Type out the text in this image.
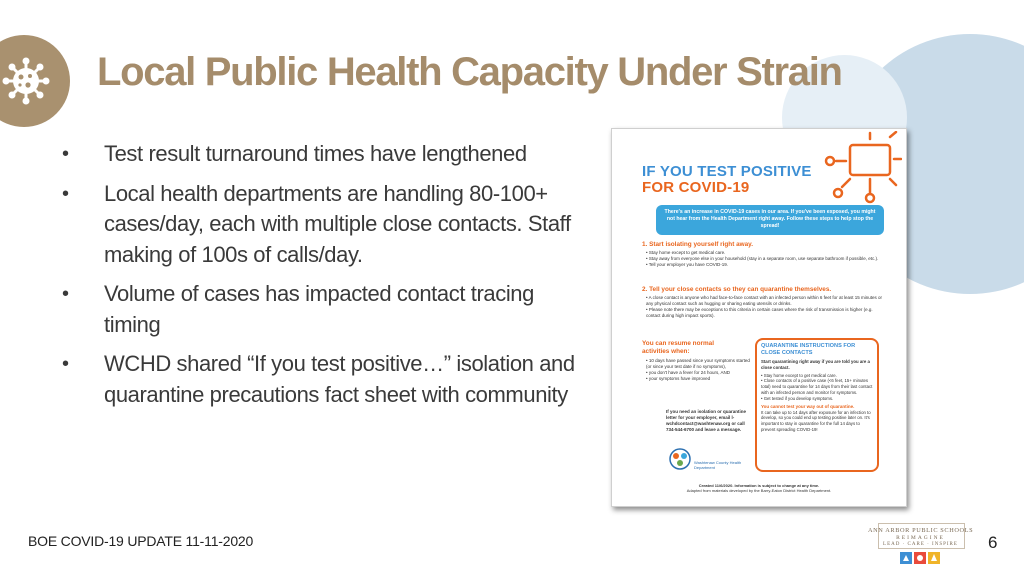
Local Public Health Capacity Under Strain
• Test result turnaround times have lengthened
• Local health departments are handling 80-100+ cases/day, each with multiple close contacts. Staff making of 100s of calls/day.
• Volume of cases has impacted contact tracing timing
• WCHD shared “If you test positive…” isolation and quarantine precautions fact sheet with community
IF YOU TEST POSITIVE
FOR COVID-19
There's an increase in COVID-19 cases in our area. If you've been exposed, you might not hear from the Health Department right away. Follow these steps to help stop the spread!
1. Start isolating yourself right away.
• Stay home except to get medical care.
• Stay away from everyone else in your household (stay in a separate room, use separate bathroom if possible, etc.).
• Tell your employer you have COVID-19.
2. Tell your close contacts so they can quarantine themselves.
• A close contact is anyone who had face-to-face contact with an infected person within 6 feet for at least 15 minutes or any physical contact such as hugging or sharing eating utensils or drinks.
• Please note there may be exceptions to this criteria in certain cases where the risk of transmission is higher (e.g. contact during high impact sports).
You can resume normal activities when:
• 10 days have passed since your symptoms started (or since your test date if no symptoms),
• you don't have a fever for 24 hours, AND
• your symptoms have improved
If you need an isolation or quarantine letter for your employer, email l-wchdcontact@washtenaw.org or call 734-544-6700 and leave a message.
QUARANTINE INSTRUCTIONS FOR CLOSE CONTACTS
Start quarantining right away if you are told you are a close contact.
• Stay home except to get medical care.
• Close contacts of a positive case (<6 feet, 15+ minutes total) need to quarantine for 14 days from their last contact with an infected person and monitor for symptoms.
• Get tested if you develop symptoms.
You cannot test your way out of quarantine.
It can take up to 14 days after exposure for an infection to develop, so you could end up testing positive later on. It's important to stay in quarantine for the full 14 days to prevent spreading COVID-19!
Washtenaw County Health Department
Created 11/6/2020. Information is subject to change at any time.
Adapted from materials developed by the Barry-Eaton District Health Department.
BOE COVID-19 UPDATE 11-11-2020
ANN ARBOR PUBLIC SCHOOLS
REIMAGINE
LEAD · CARE · INSPIRE	6
